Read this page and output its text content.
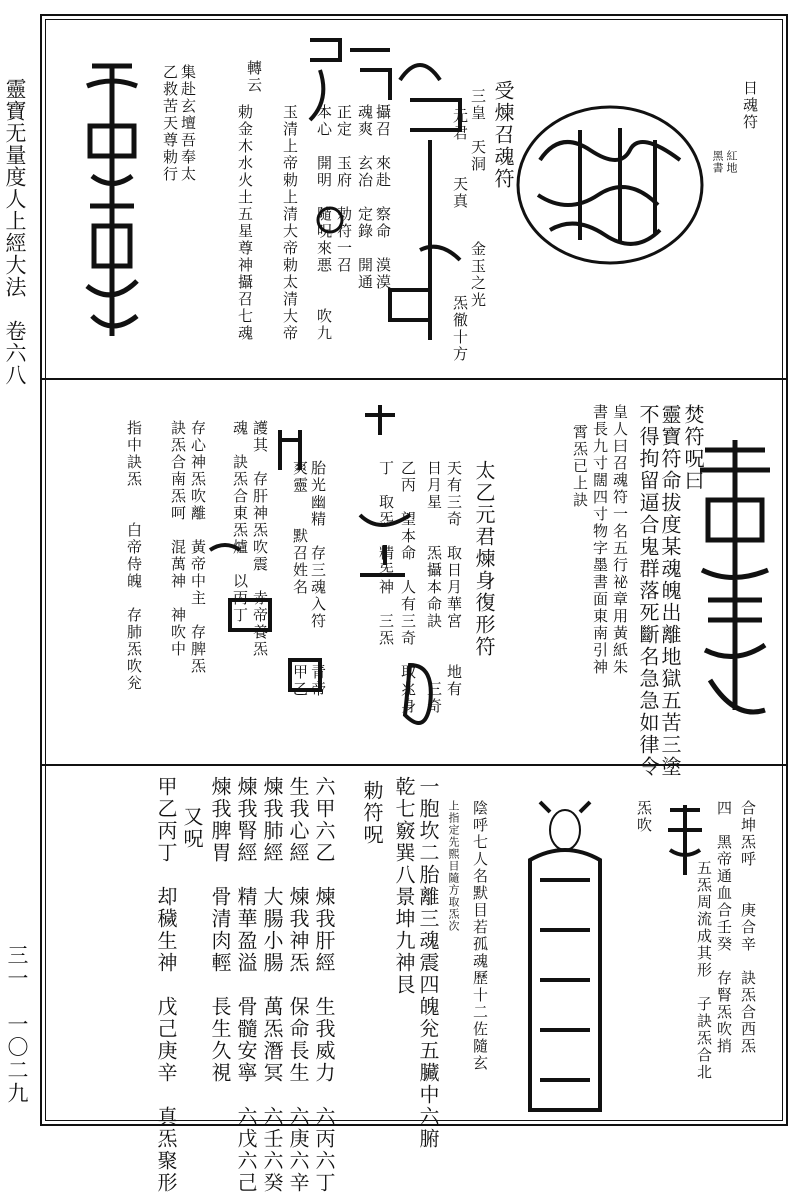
靈寶无量度人上經大法　卷六八
三一　一〇二九
日魂符
紅地
黑書
受煉召魂符
三皇　天洞　　　　金玉之光
元君　　天真　　　　　炁徹十方
攝召　來赴　察命　漠漠
魂爽　玄冶　定錄　開通
正定　玉府　勅符一召
本心　開明　隨呪來悪　　吹九
玉清上帝勅上清大帝勅太清大帝
勅金木水火土五星尊神攝召七魂
集赴玄壇吾奉太
乙救苦天尊勅行	轉云
焚符呪曰
靈寶符命拔度某魂魄出離地獄五苦三塗
不得拘留逼合鬼群落死斷名急急如律令
皇人曰召魂符一名五行祕章用黃紙朱
書長九寸闊四寸物字墨書面東南引神
霄炁已上訣
太乙元君煉身復形符
天有三奇　取日月華宮　　地有
日月星　　炁攝本命訣　　　三奇
乙丙　望本命　人有三奇　取兆身
丁　取炁　精炁神　三炁
胎光幽精　存三魂入符　　青帝
爽靈　　默召姓名　　　　甲乙
護其　存肝神炁吹震　赤帝養炁
魂　訣炁合東炁爐　以丙丁
存心神炁吹離　黃帝中主　存脾炁
訣炁合南炁呵　混萬神　神吹中
指中訣炁　　白帝侍魄　存肺炁吹兊
合坤炁呼　　庚合辛　訣炁合西炁
四　黑帝通血合壬癸　存腎炁吹捎
五炁周流成其形　子訣炁合北
炁吹
陰呼七人名默目若孤魂歷十二佐隨玄
上指定先熙目隨方取炁次
一胞坎二胎離三魂震四魄兊五臟中六腑
乾七竅巽八景坤九神艮
勅符呪
六甲六乙　煉我肝經　生我威力　六丙六丁
生我心經　煉我神炁　保命長生　六庚六辛
煉我肺經　大腸小腸　萬炁潛冥　六壬六癸
煉我腎經　精華盈溢　骨髓安寧　六戊六己
煉我脾胃　骨清肉輕　長生久視
又呪
甲乙丙丁　却穢生神　戊己庚辛　真炁聚形
